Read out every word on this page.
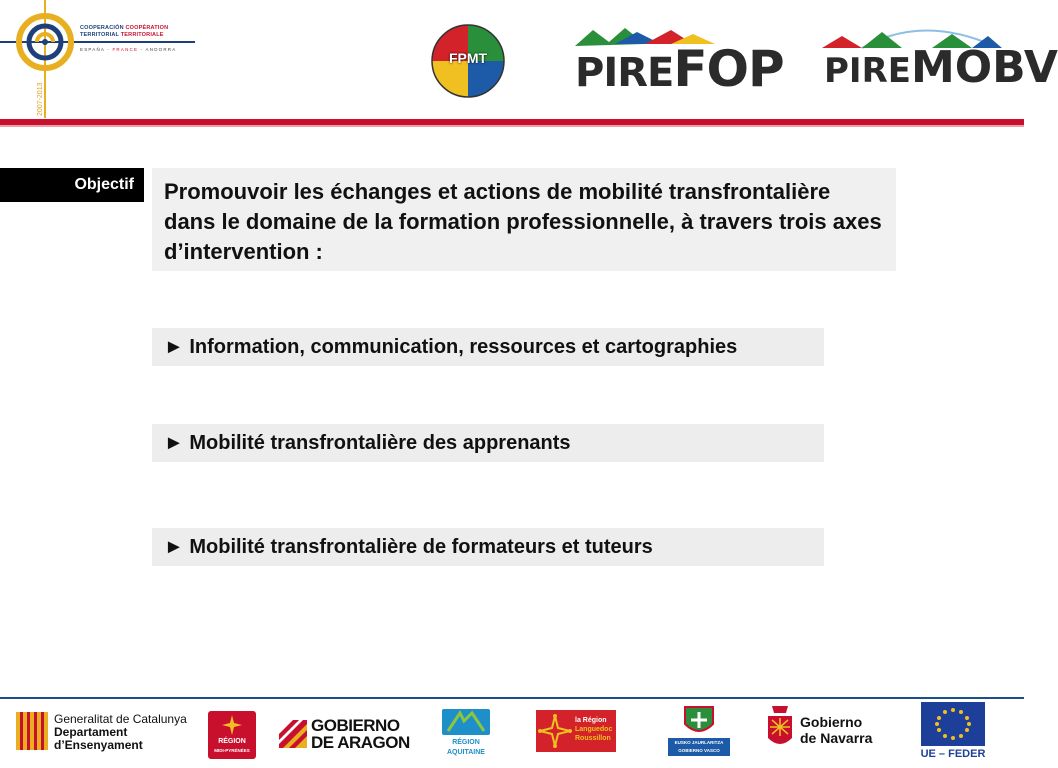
COOPERACIÓN COOPÉRATION
TERRITORIAL TERRITORIALE
ESPAÑA - FRANCE - ANDORRA
2007-2013
FPMT	PIREFOP PIREMOBV
Objectif	Promouvoir les échanges et actions de mobilité transfrontalière dans le domaine de la formation professionnelle, à travers trois axes d’intervention :
► Information, communication, ressources et cartographies
► Mobilité transfrontalière des apprenants
► Mobilité transfrontalière de formateurs et tuteurs
Generalitat de Catalunya
Departament
d’Ensenyament	RÉGION
MIDI-PYRÉNÉES
GOBIERNO
DE ARAGON	RÉGION
AQUITAINE
la Région
Languedoc
Roussillon
EUSKO JAURLARITZA
GOBIERNO VASCO
Gobierno
de Navarra
UE – FEDER
